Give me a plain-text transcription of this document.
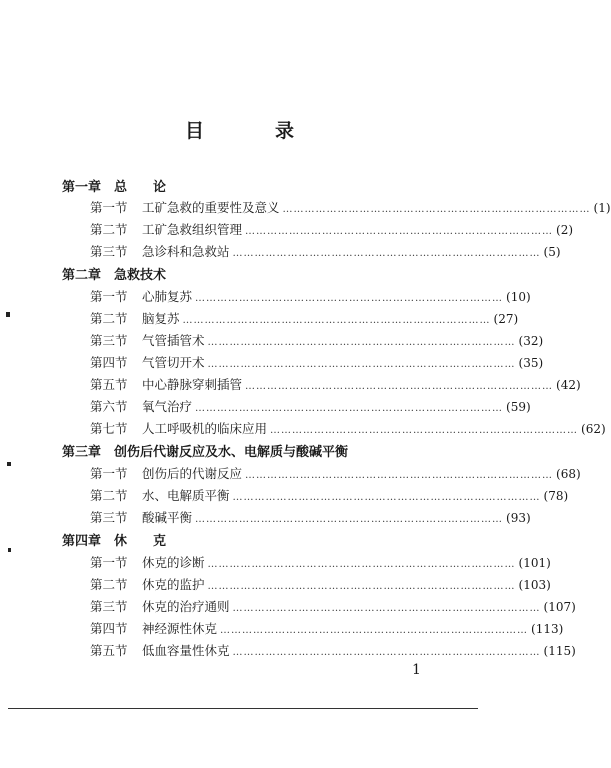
目　录
第一章 总　　论
第一节	工矿急救的重要性及意义 ………………………………………………………………………… (1)
第二节	工矿急救组织管理 ………………………………………………………………………… (2)
第三节	急诊科和急救站 ………………………………………………………………………… (5)
第二章 急救技术
第一节	心肺复苏 ………………………………………………………………………… (10)
第二节	脑复苏 ………………………………………………………………………… (27)
第三节	气管插管术 ………………………………………………………………………… (32)
第四节	气管切开术 ………………………………………………………………………… (35)
第五节	中心静脉穿刺插管 ………………………………………………………………………… (42)
第六节	氧气治疗 ………………………………………………………………………… (59)
第七节	人工呼吸机的临床应用 ………………………………………………………………………… (62)
第三章 创伤后代谢反应及水、电解质与酸碱平衡
第一节	创伤后的代谢反应 ………………………………………………………………………… (68)
第二节	水、电解质平衡 ………………………………………………………………………… (78)
第三节	酸碱平衡 ………………………………………………………………………… (93)
第四章 休　　克
第一节	休克的诊断 ………………………………………………………………………… (101)
第二节	休克的监护 ………………………………………………………………………… (103)
第三节	休克的治疗通则 ………………………………………………………………………… (107)
第四节	神经源性休克 ………………………………………………………………………… (113)
第五节	低血容量性休克 ………………………………………………………………………… (115)
1
